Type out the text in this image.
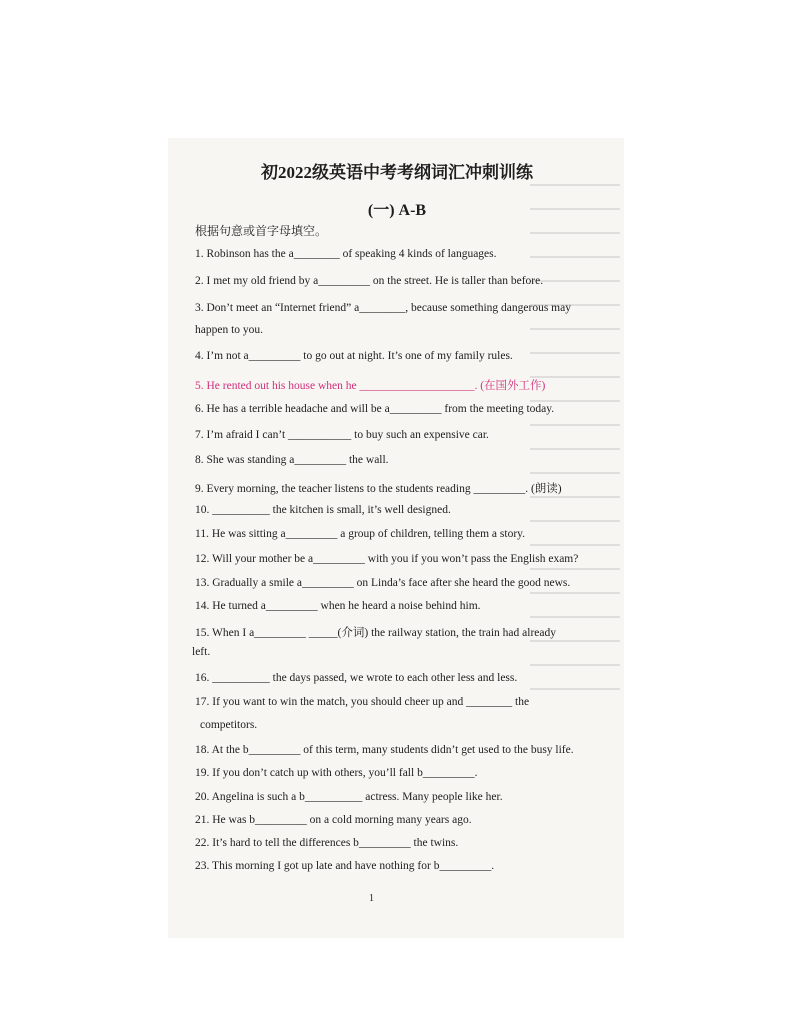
初2022级英语中考考纲词汇冲刺训练
(一) A-B
根据句意或首字母填空。
1. Robinson has the a________ of speaking 4 kinds of languages.
2. I met my old friend by a_________ on the street. He is taller than before.
3. Don’t meet an “Internet friend” a________, because something dangerous may
happen to you.
4. I’m not a_________ to go out at night. It’s one of my family rules.
5. He rented out his house when he ____________________. (在国外工作)
6. He has a terrible headache and will be a_________ from the meeting today.
7. I’m afraid I can’t ___________ to buy such an expensive car.
8. She was standing a_________ the wall.
9. Every morning, the teacher listens to the students reading _________. (朗读)
10. __________ the kitchen is small, it’s well designed.
11. He was sitting a_________ a group of children, telling them a story.
12. Will your mother be a_________ with you if you won’t pass the English exam?
13. Gradually a smile a_________ on Linda’s face after she heard the good news.
14. He turned a_________ when he heard a noise behind him.
15. When I a_________ _____(介词) the railway station, the train had already
left.
16. __________ the days passed, we wrote to each other less and less.
17. If you want to win the match, you should cheer up and ________ the
competitors.
18. At the b_________ of this term, many students didn’t get used to the busy life.
19. If you don’t catch up with others, you’ll fall b_________.
20. Angelina is such a b__________ actress. Many people like her.
21. He was b_________ on a cold morning many years ago.
22. It’s hard to tell the differences b_________ the twins.
23. This morning I got up late and have nothing for b_________.
1
